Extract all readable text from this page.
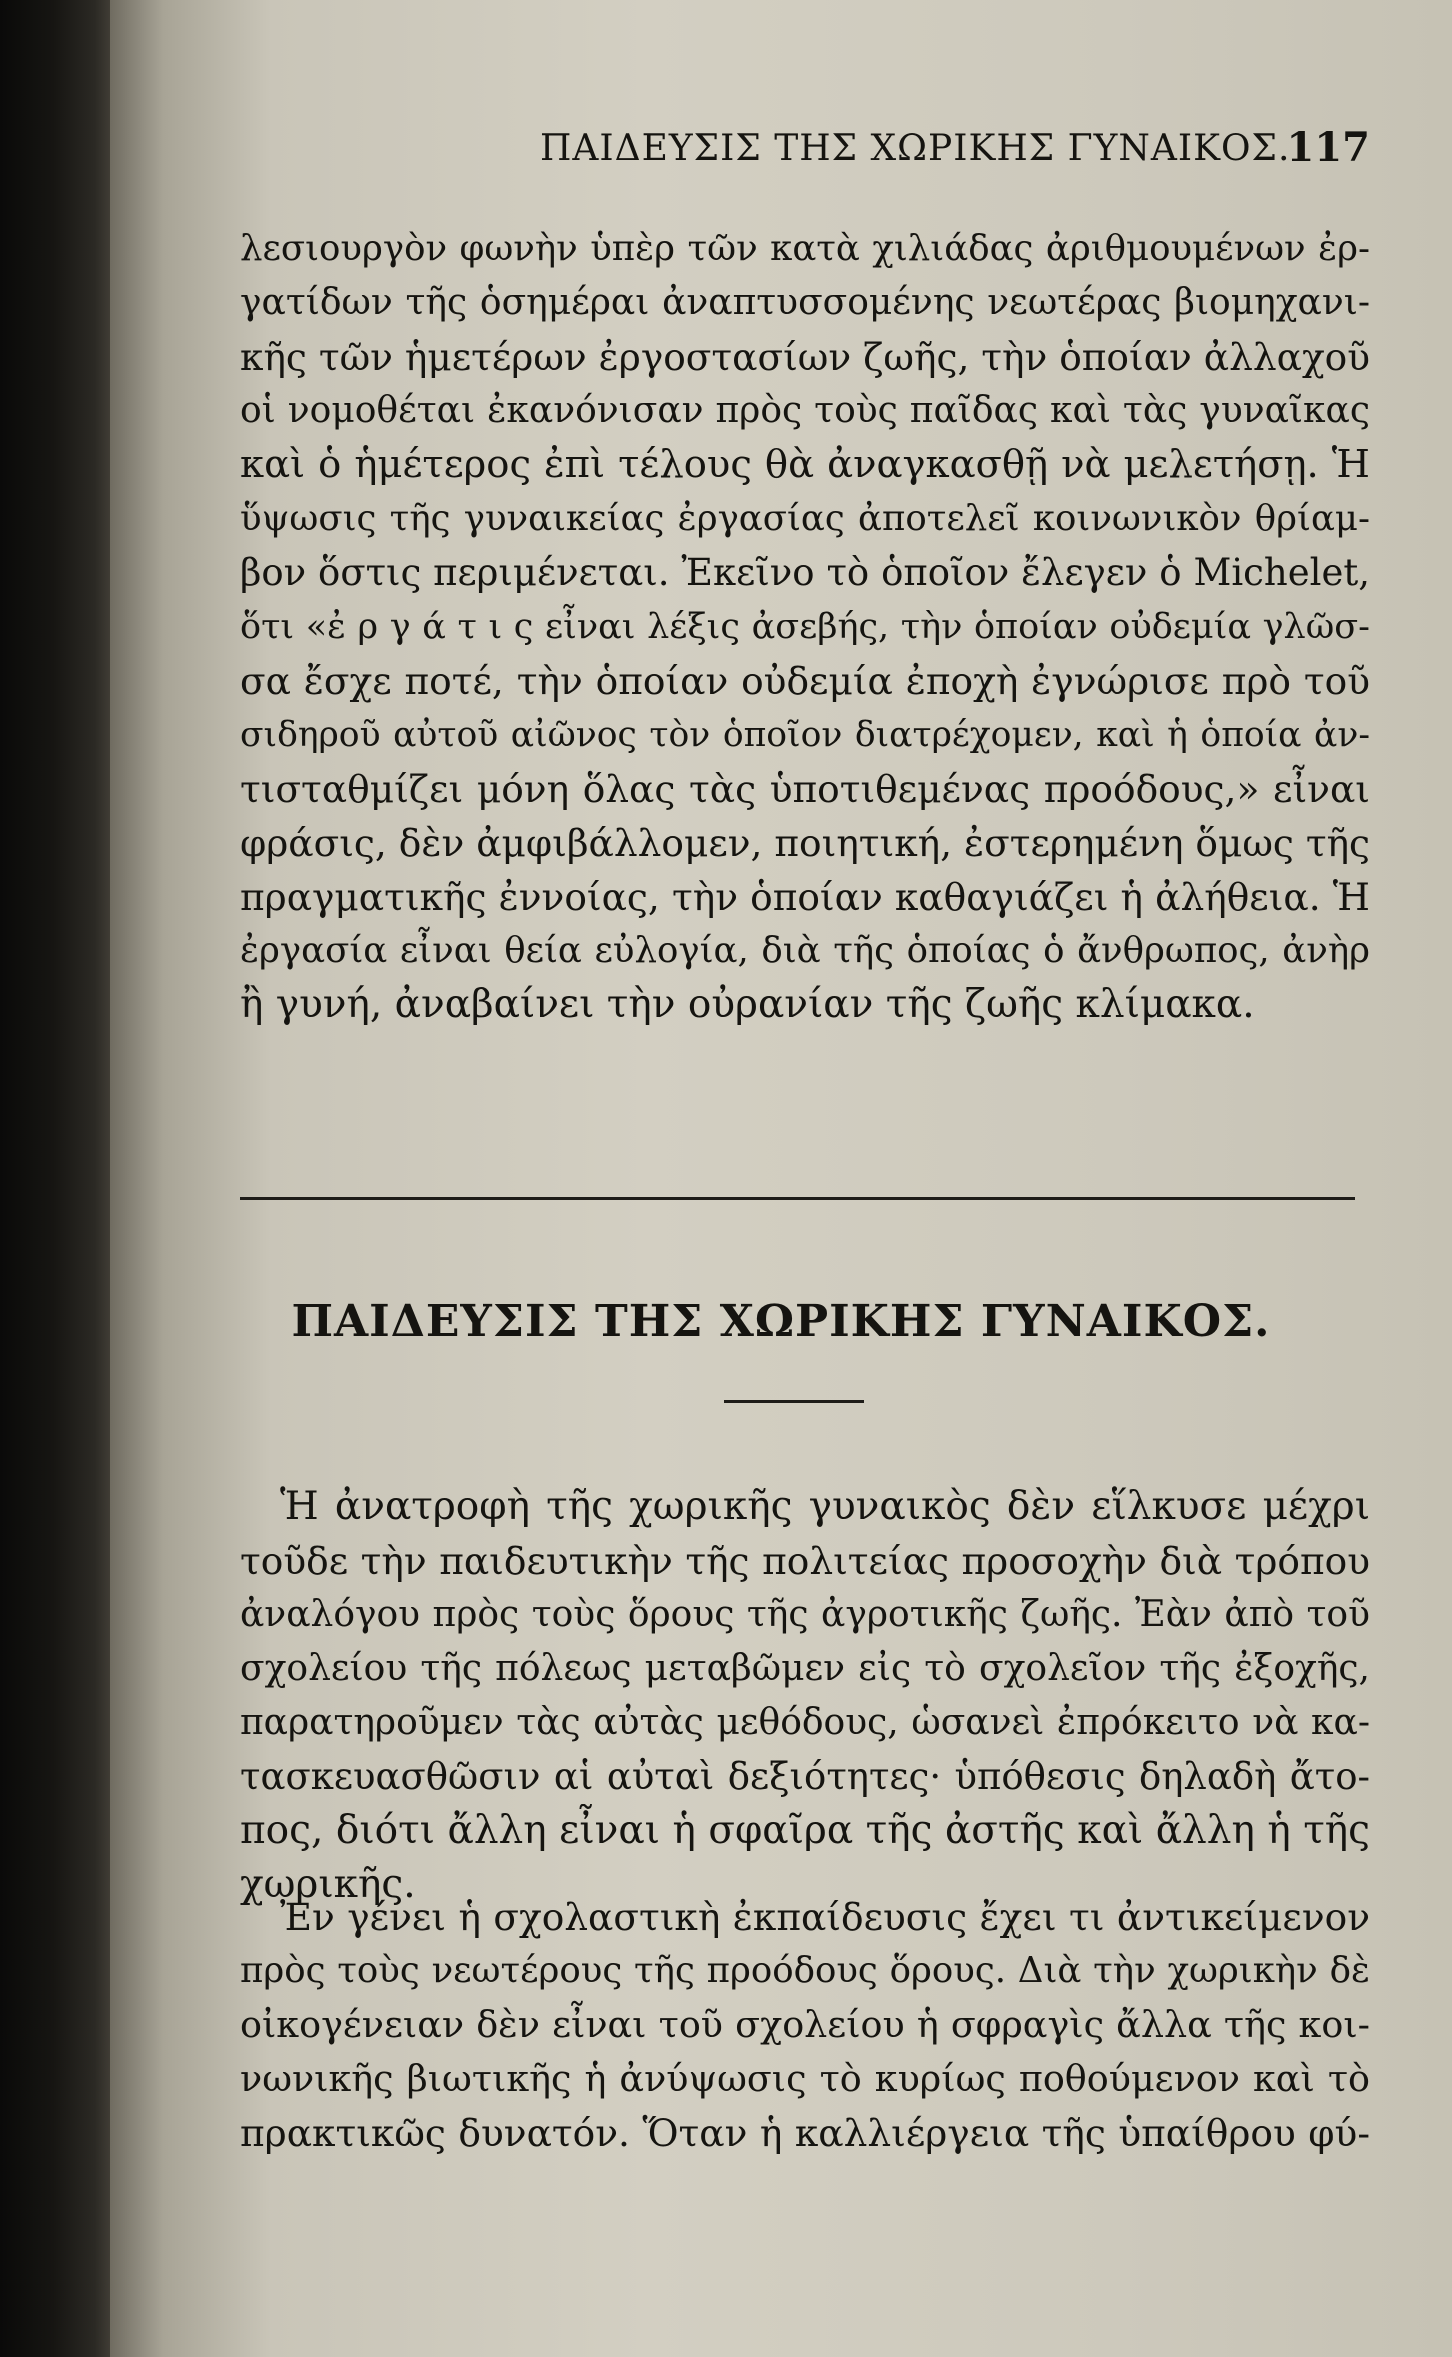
ΠΑΙΔΕΥΣΙΣ ΤΗΣ ΧΩΡΙΚΗΣ ΓΥΝΑΙΚΟΣ.
117
λεσιουργὸν φωνὴν ὑπὲρ τῶν κατὰ χιλιάδας ἀριθμουμένων ἐρ-
γατίδων τῆς ὁσημέραι ἀναπτυσσομένης νεωτέρας βιομηχανι-
κῆς τῶν ἡμετέρων ἐργοστασίων ζωῆς, τὴν ὁποίαν ἀλλαχοῦ
οἱ νομοθέται ἐκανόνισαν πρὸς τοὺς παῖδας καὶ τὰς γυναῖκας
καὶ ὁ ἡμέτερος ἐπὶ τέλους θὰ ἀναγκασθῇ νὰ μελετήσῃ. Ἡ
ὕψωσις τῆς γυναικείας ἐργασίας ἀποτελεῖ κοινωνικὸν θρίαμ-
βον ὅστις περιμένεται. Ἐκεῖνο τὸ ὁποῖον ἔλεγεν ὁ Michelet,
ὅτι «ἐ ρ γ ά τ ι ς εἶναι λέξις ἀσεβής, τὴν ὁποίαν οὐδεμία γλῶσ-
σα ἔσχε ποτέ, τὴν ὁποίαν οὐδεμία ἐποχὴ ἐγνώρισε πρὸ τοῦ
σιδηροῦ αὐτοῦ αἰῶνος τὸν ὁποῖον διατρέχομεν, καὶ ἡ ὁποία ἀν-
τισταθμίζει μόνη ὅλας τὰς ὑποτιθεμένας προόδους,» εἶναι
φράσις, δὲν ἀμφιβάλλομεν, ποιητική, ἐστερημένη ὅμως τῆς
πραγματικῆς ἐννοίας, τὴν ὁποίαν καθαγιάζει ἡ ἀλήθεια. Ἡ
ἐργασία εἶναι θεία εὐλογία, διὰ τῆς ὁποίας ὁ ἄνθρωπος, ἀνὴρ
ἢ γυνή, ἀναβαίνει τὴν οὐρανίαν τῆς ζωῆς κλίμακα.
ΠΑΙΔΕΥΣΙΣ ΤΗΣ ΧΩΡΙΚΗΣ ΓΥΝΑΙΚΟΣ.
Ἡ ἀνατροφὴ τῆς χωρικῆς γυναικὸς δὲν εἵλκυσε μέχρι
τοῦδε τὴν παιδευτικὴν τῆς πολιτείας προσοχὴν διὰ τρόπου
ἀναλόγου πρὸς τοὺς ὅρους τῆς ἀγροτικῆς ζωῆς. Ἐὰν ἀπὸ τοῦ
σχολείου τῆς πόλεως μεταβῶμεν εἰς τὸ σχολεῖον τῆς ἐξοχῆς,
παρατηροῦμεν τὰς αὐτὰς μεθόδους, ὡσανεὶ ἐπρόκειτο νὰ κα-
τασκευασθῶσιν αἱ αὐταὶ δεξιότητες· ὑπόθεσις δηλαδὴ ἄτο-
πος, διότι ἄλλη εἶναι ἡ σφαῖρα τῆς ἀστῆς καὶ ἄλλη ἡ τῆς
χωρικῆς.
Ἐν γένει ἡ σχολαστικὴ ἐκπαίδευσις ἔχει τι ἀντικείμενον
πρὸς τοὺς νεωτέρους τῆς προόδους ὅρους. Διὰ τὴν χωρικὴν δὲ
οἰκογένειαν δὲν εἶναι τοῦ σχολείου ἡ σφραγὶς ἄλλα τῆς κοι-
νωνικῆς βιωτικῆς ἡ ἀνύψωσις τὸ κυρίως ποθούμενον καὶ τὸ
πρακτικῶς δυνατόν. Ὅταν ἡ καλλιέργεια τῆς ὑπαίθρου φύ-
